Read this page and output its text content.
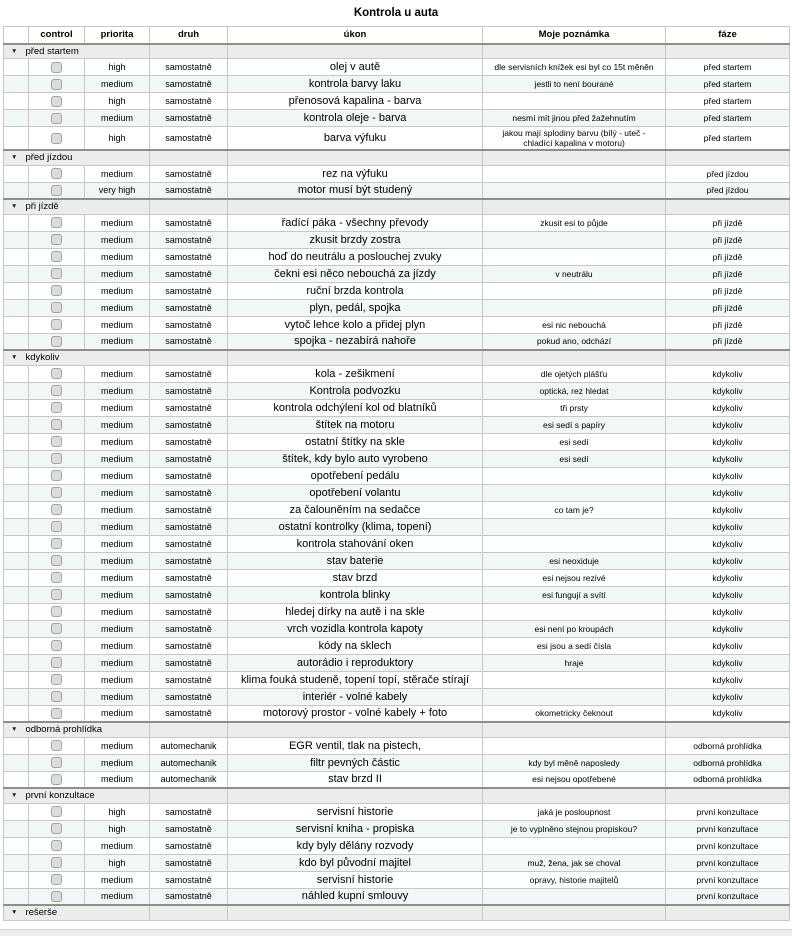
Kontrola u auta
	control	priorita	druh	úkon	Moje poznámka	fáze
▼ před startem						

	high	samostatně	olej v autě	dle servisních knížek esi byl co 15t měněn	před startem

	medium	samostatně	kontrola barvy laku	jestli to není bourané	před startem

	high	samostatně	přenosová kapalina - barva		před startem

	medium	samostatně	kontrola oleje - barva	nesmí mít jinou před žažehnutím	před startem

	high	samostatně	barva výfuku	jakou mají splodiny barvu (bílý - uteč - chladící kapalina v motoru)	před startem
▼ před jízdou						

	medium	samostatně	rez na výfuku		před jízdou

	very high	samostatně	motor musí být studený		před jízdou
▼ při jízdě						

	medium	samostatně	řadící páka - všechny převody	zkusit esi to půjde	při jízdě

	medium	samostatně	zkusit brzdy zostra		při jízdě

	medium	samostatně	hoď do neutrálu a poslouchej zvuky		při jízdě

	medium	samostatně	čekni esi něco nebouchá za jízdy	v neutrálu	při jízdě

	medium	samostatně	ruční brzda kontrola		při jízdě

	medium	samostatně	plyn, pedál, spojka		při jízdě

	medium	samostatně	vytoč lehce kolo a přidej plyn	esi nic nebouchá	při jízdě

	medium	samostatně	spojka - nezabírá nahoře	pokud ano, odchází	při jízdě
▼ kdykoliv						

	medium	samostatně	kola - zešikmení	dle ojetých plášťu	kdykoliv

	medium	samostatně	Kontrola podvozku	optická, rez hledat	kdykoliv

	medium	samostatně	kontrola odchýlení kol od blatníků	tři prsty	kdykoliv

	medium	samostatně	štítek na motoru	esi sedí s papíry	kdykoliv

	medium	samostatně	ostatní štítky na skle	esi sedí	kdykoliv

	medium	samostatně	štítek, kdy bylo auto vyrobeno	esi sedí	kdykoliv

	medium	samostatně	opotřebení pedálu		kdykoliv

	medium	samostatně	opotřebení volantu		kdykoliv

	medium	samostatně	za čalouněním na sedačce	co tam je?	kdykoliv

	medium	samostatně	ostatní kontrolky (klima, topení)		kdykoliv

	medium	samostatně	kontrola stahování oken		kdykoliv

	medium	samostatně	stav baterie	esi neoxiduje	kdykoliv

	medium	samostatně	stav brzd	esi nejsou rezivé	kdykoliv

	medium	samostatně	kontrola blinky	esi fungují a svítí	kdykoliv

	medium	samostatně	hledej dírky na autě i na skle		kdykoliv

	medium	samostatně	vrch vozidla kontrola kapoty	esi není po kroupách	kdykoliv

	medium	samostatně	kódy na sklech	esi jsou a sedí čísla	kdykoliv

	medium	samostatně	autorádio i reproduktory	hraje	kdykoliv

	medium	samostatně	klima fouká studeně, topení topí, stěrače stírají		kdykoliv

	medium	samostatně	interiér - volné kabely		kdykoliv

	medium	samostatně	motorový prostor - volné kabely + foto	okometricky čeknout	kdykoliv
▼ odborná prohlídka						

	medium	automechanik	EGR ventil, tlak na pistech,		odborná prohlídka

	medium	automechanik	filtr pevných částic	kdy byl měně naposledy	odborná prohlídka

	medium	automechanik	stav brzd II	esi nejsou opotřebené	odborná prohlídka
▼ první konzultace						

	high	samostatně	servisní historie	jaká je posloupnost	první konzultace

	high	samostatně	servisní kniha - propiska	je to vyplněno stejnou propiskou?	první konzultace

	medium	samostatně	kdy byly dělány rozvody		první konzultace

	high	samostatně	kdo byl původní majitel	muž, žena, jak se choval	první konzultace

	medium	samostatně	servisní historie	opravy, historie majitelů	první konzultace

	medium	samostatně	náhled kupní smlouvy		první konzultace
▼ rešerše						
